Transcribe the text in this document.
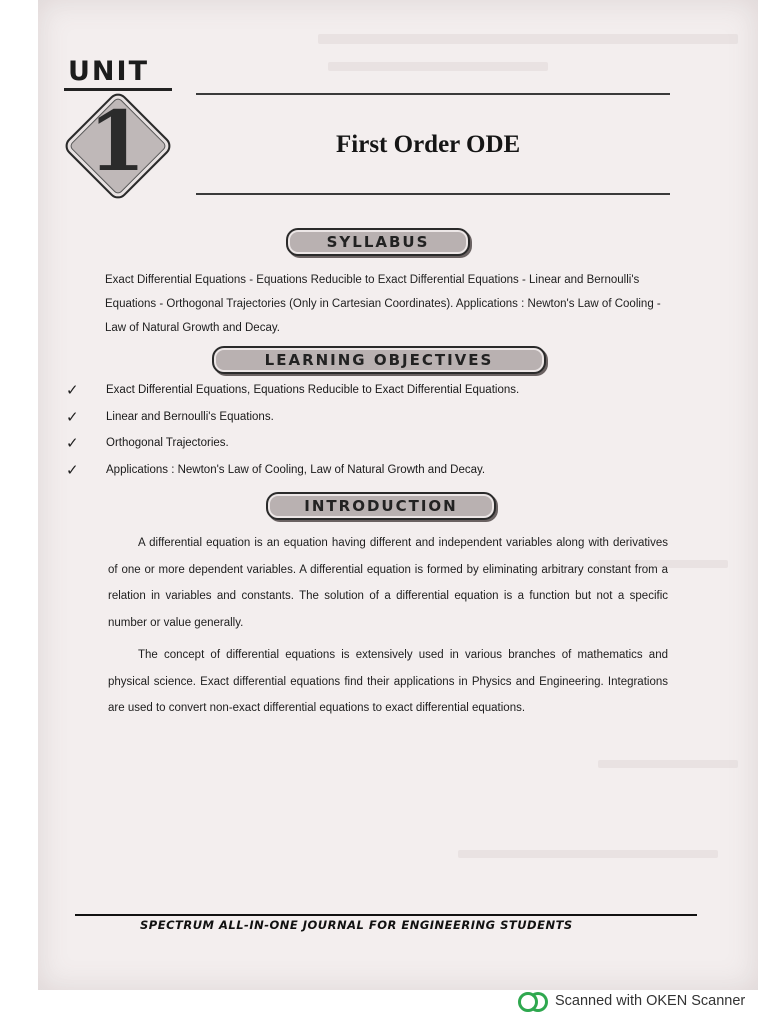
UNIT
1	First Order ODE
SYLLABUS
Exact Differential Equations - Equations Reducible to Exact Differential Equations - Linear and Bernoulli's Equations - Orthogonal Trajectories (Only in Cartesian Coordinates). Applications : Newton's Law of Cooling - Law of Natural Growth and Decay.
LEARNING OBJECTIVES
✓ Exact Differential Equations, Equations Reducible to Exact Differential Equations.
✓ Linear and Bernoulli's Equations.
✓ Orthogonal Trajectories.
✓ Applications : Newton's Law of Cooling, Law of Natural Growth and Decay.
INTRODUCTION

A differential equation is an equation having different and independent variables along with derivatives of one or more dependent variables. A differential equation is formed by eliminating arbitrary constant from a relation in variables and constants. The solution of a differential equation is a function but not a specific number or value generally.

The concept of differential equations is extensively used in various branches of mathematics and physical science. Exact differential equations find their applications in Physics and Engineering. Integrations are used to convert non-exact differential equations to exact differential equations.

SPECTRUM ALL-IN-ONE JOURNAL FOR ENGINEERING STUDENTS
Scanned with OKEN Scanner
